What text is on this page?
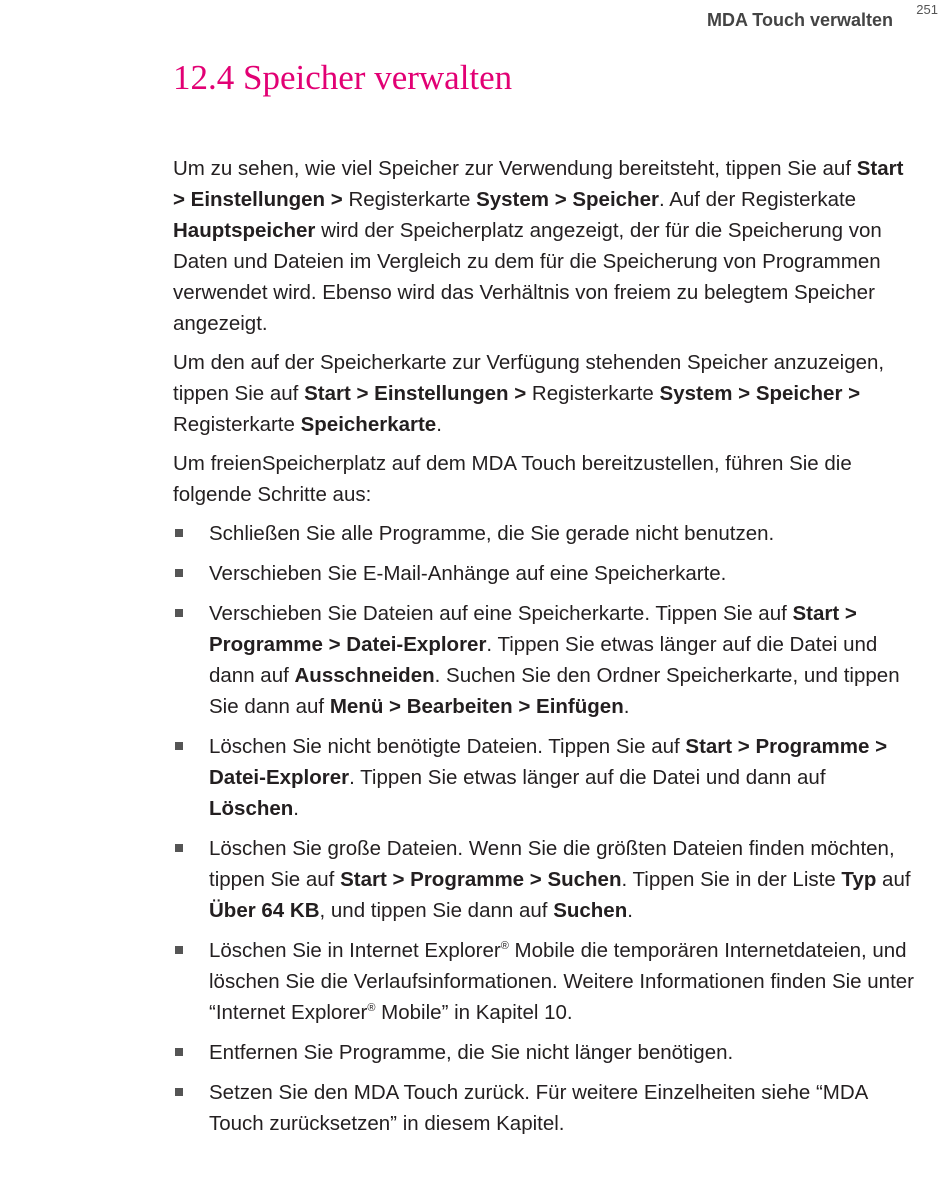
MDA Touch verwalten
251
12.4 Speicher verwalten

Um zu sehen, wie viel Speicher zur Verwendung bereitsteht, tippen Sie auf Start > Einstellungen > Registerkarte System > Speicher. Auf der Registerkate Hauptspeicher wird der Speicherplatz angezeigt, der für die Speicherung von Daten und Dateien im Vergleich zu dem für die Speicherung von Programmen verwendet wird. Ebenso wird das Verhältnis von freiem zu belegtem Speicher angezeigt.

Um den auf der Speicherkarte zur Verfügung stehenden Speicher anzuzeigen, tippen Sie auf Start > Einstellungen > Registerkarte System > Speicher > Registerkarte Speicherkarte.

Um freienSpeicherplatz auf dem MDA Touch bereitzustellen, führen Sie die folgende Schritte aus:

Schließen Sie alle Programme, die Sie gerade nicht benutzen.
Verschieben Sie E-Mail-Anhänge auf eine Speicherkarte.
Verschieben Sie Dateien auf eine Speicherkarte. Tippen Sie auf Start > Programme > Datei-Explorer. Tippen Sie etwas länger auf die Datei und dann auf Ausschneiden. Suchen Sie den Ordner Speicherkarte, und tippen Sie dann auf Menü > Bearbeiten > Einfügen.
Löschen Sie nicht benötigte Dateien. Tippen Sie auf Start > Programme > Datei-Explorer. Tippen Sie etwas länger auf die Datei und dann auf Löschen.
Löschen Sie große Dateien. Wenn Sie die größten Dateien finden möchten, tippen Sie auf Start > Programme > Suchen. Tippen Sie in der Liste Typ auf Über 64 KB, und tippen Sie dann auf Suchen.
Löschen Sie in Internet Explorer® Mobile die temporären Internetdateien, und löschen Sie die Verlaufsinformationen. Weitere Informationen finden Sie unter “Internet Explorer® Mobile” in Kapitel 10.
Entfernen Sie Programme, die Sie nicht länger benötigen.
Setzen Sie den MDA Touch zurück. Für weitere Einzelheiten siehe “MDA Touch zurücksetzen” in diesem Kapitel.
